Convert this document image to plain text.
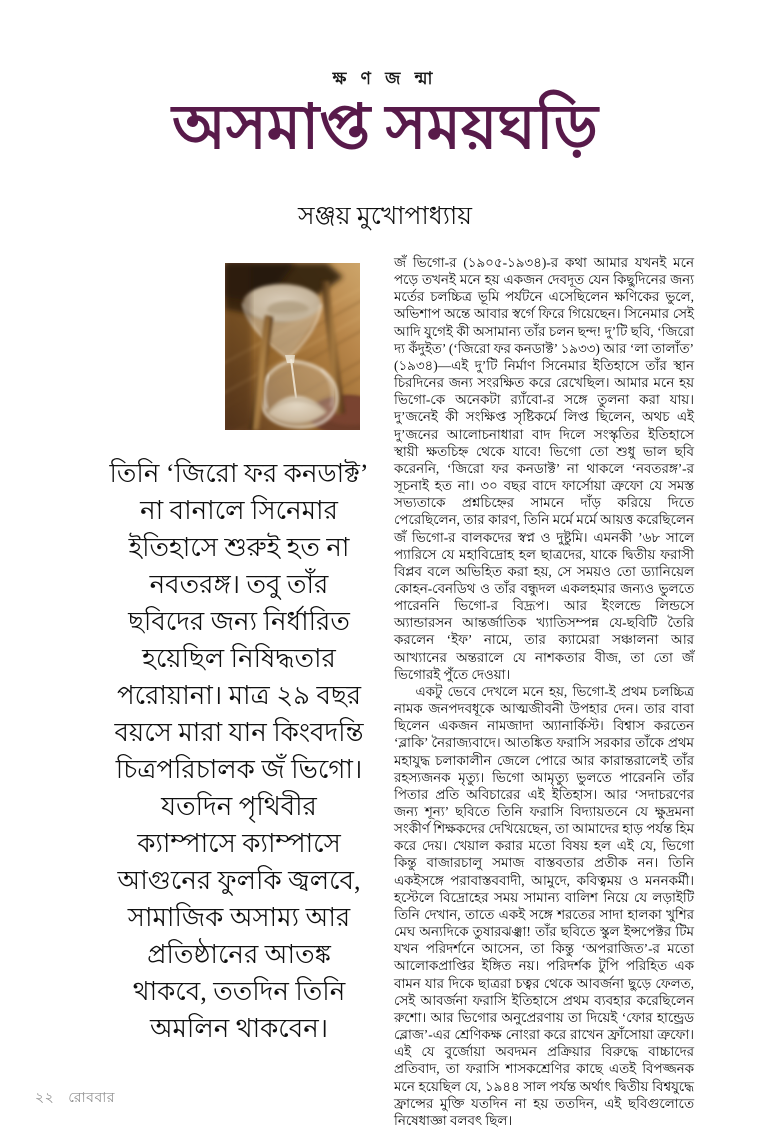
ক্ষ ণ জ ন্মা
অসমাপ্ত সময়ঘড়ি
সঞ্জয় মুখোপাধ্যায়
তিনি ‘জিরো ফর কনডাক্ট’
না বানালে সিনেমার
ইতিহাসে শুরুই হত না
নবতরঙ্গ। তবু তাঁর
ছবিদের জন্য নির্ধারিত
হয়েছিল নিষিদ্ধতার
পরোয়ানা। মাত্র ২৯ বছর
বয়সে মারা যান কিংবদন্তি
চিত্রপরিচালক জঁ ভিগো।
যতদিন পৃথিবীর
ক্যাম্পাসে ক্যাম্পাসে
আগুনের ফুলকি জ্বলবে,
সামাজিক অসাম্য আর
প্রতিষ্ঠানের আতঙ্ক
থাকবে, ততদিন তিনি
অমলিন থাকবেন।
জঁ ভিগো-র (১৯০৫-১৯৩৪)-র কথা আমার যখনই মনে পড়ে তখনই মনে হয় একজন দেবদূত যেন কিছুদিনের জন্য মর্তের চলচ্চিত্র ভূমি পর্যটনে এসেছিলেন ক্ষণিকের ভুলে, অভিশাপ অন্তে আবার স্বর্গে ফিরে গিয়েছেন। সিনেমার সেই আদি যুগেই কী অসামান্য তাঁর চলন ছন্দ! দু’টি ছবি, ‘জিরো দ্য কঁদুইত’ (‘জিরো ফর কনডাক্ট’ ১৯৩৩) আর ‘লা তালাঁত’ (১৯৩৪)—এই দু’টি নির্মাণ সিনেমার ইতিহাসে তাঁর স্থান চিরদিনের জন্য সংরক্ষিত করে রেখেছিল। আমার মনে হয় ভিগো-কে অনেকটা র‌্যাঁবো-র সঙ্গে তুলনা করা যায়। দু’জনেই কী সংক্ষিপ্ত সৃষ্টিকর্মে লিপ্ত ছিলেন, অথচ এই দু’জনের আলোচনাধারা বাদ দিলে সংস্কৃতির ইতিহাসে স্থায়ী ক্ষতচিহ্ন থেকে যাবে! ভিগো তো শুধু ভাল ছবি করেননি, ‘জিরো ফর কনডাক্ট’ না থাকলে ‘নবতরঙ্গ’-র সূচনাই হত না। ৩০ বছর বাদে ফার্সোয়া ত্রুফো যে সমস্ত সভ্যতাকে প্রশ্নচিহ্নের সামনে দাঁড় করিয়ে দিতে পেরেছিলেন, তার কারণ, তিনি মর্মে মর্মে আয়ত্ত করেছিলেন জঁ ভিগো-র বালকদের স্বপ্ন ও দুষ্টুমি। এমনকী ’৬৮ সালে প্যারিসে যে মহাবিদ্রোহ হল ছাত্রদের, যাকে দ্বিতীয় ফরাসী বিপ্লব বলে অভিহিত করা হয়, সে সময়ও তো ড্যানিয়েল কোহন-বেনডিথ ও তাঁর বন্ধুদল একলহমার জন্যও ভুলতে পারেননি ভিগো-র বিদ্রূপ। আর ইংলন্ডে লিন্ডসে অ্যান্ডারসন আন্তর্জাতিক খ্যাতিসম্পন্ন যে-ছবিটি তৈরি করলেন ‘ইফ’ নামে, তার ক্যামেরা সঞ্চালনা আর আখ্যানের অন্তরালে যে নাশকতার বীজ, তা তো জঁ ভিগোরই পুঁতে দেওয়া।
একটু ভেবে দেখলে মনে হয়, ভিগো-ই প্রথম চলচ্চিত্র নামক জনপদবধূকে আত্মজীবনী উপহার দেন। তার বাবা ছিলেন একজন নামজাদা অ্যানার্কিস্ট। বিশ্বাস করতেন ‘ব্লাকি’ নৈরাজ্যবাদে। আতঙ্কিত ফরাসি সরকার তাঁকে প্রথম মহাযুদ্ধ চলাকালীন জেলে পোরে আর কারান্তরালেই তাঁর রহস্যজনক মৃত্যু। ভিগো আমৃত্যু ভুলতে পারেননি তাঁর পিতার প্রতি অবিচারের এই ইতিহাস। আর ‘সদাচরণের জন্য শূন্য’ ছবিতে তিনি ফরাসি বিদ্যায়তনে যে ক্ষুদ্রমনা সংকীর্ণ শিক্ষকদের দেখিয়েছেন, তা আমাদের হাড় পর্যন্ত হিম করে দেয়। খেয়াল করার মতো বিষয় হল এই যে, ভিগো কিন্তু বাজারচালু সমাজ বাস্তবতার প্রতীক নন। তিনি একইসঙ্গে পরাবাস্তববাদী, আমুদে, কবিত্বময় ও মননকর্মী। হস্টেলে বিদ্রোহের সময় সামান্য বালিশ নিয়ে যে লড়াইটি তিনি দেখান, তাতে একই সঙ্গে শরতের সাদা হালকা খুশির মেঘ অন্যদিকে তুষারঝঞ্ঝা! তাঁর ছবিতে স্কুল ইন্সপেক্টর টিম যখন পরিদর্শনে আসেন, তা কিন্তু ‘অপরাজিত’-র মতো আলোকপ্রাপ্তির ইঙ্গিত নয়। পরিদর্শক টুপি পরিহিত এক বামন যার দিকে ছাত্ররা চত্বর থেকে আবর্জনা ছুড়ে ফেলত, সেই আবর্জনা ফরাসি ইতিহাসে প্রথম ব্যবহার করেছিলেন রুশো। আর ভিগোর অনুপ্রেরণায় তা দিয়েই ‘ফোর হান্ড্রেড ব্লোজ’-এর শ্রেণিকক্ষ নোংরা করে রাখেন ফ্রাঁসোয়া ত্রুফো। এই যে বুর্জোয়া অবদমন প্রক্রিয়ার বিরুদ্ধে বাচ্চাদের প্রতিবাদ, তা ফরাসি শাসকশ্রেণির কাছে এতই বিপজ্জনক মনে হয়েছিল যে, ১৯৪৪ সাল পর্যন্ত অর্থাৎ দ্বিতীয় বিশ্বযুদ্ধে ফ্রান্সের মুক্তি যতদিন না হয় ততদিন, এই ছবিগুলোতে নিষেধাজ্ঞা বলবৎ ছিল।
২২ রোববার
